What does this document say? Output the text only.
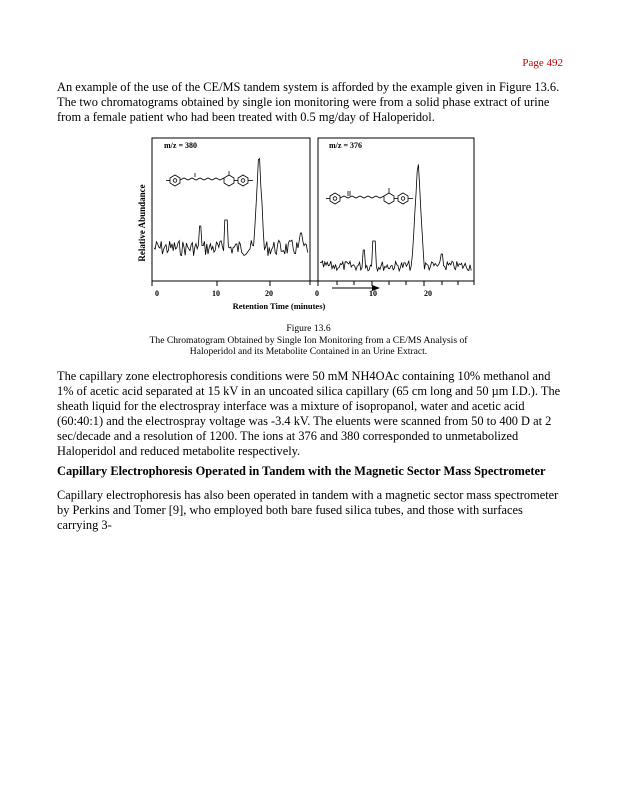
Page 492

An example of the use of the CE/MS tandem system is afforded by the example given in Figure 13.6. The two chromatograms obtained by single ion monitoring were from a solid phase extract of urine from a female patient who had been treated with 0.5 mg/day of Haloperidol.

Relative Abundance
m/z = 380	m/z = 376
0	10	20	0	10	20
Retention Time (minutes)
Figure 13.6
The Chromatogram Obtained by Single Ion Monitoring from a CE/MS Analysis of
Haloperidol and its Metabolite Contained in an Urine Extract.

The capillary zone electrophoresis conditions were 50 mM NH4OAc containing 10% methanol and 1% of acetic acid separated at 15 kV in an uncoated silica capillary (65 cm long and 50 µm I.D.). The sheath liquid for the electrospray interface was a mixture of isopropanol, water and acetic acid (60:40:1) and the electrospray voltage was -3.4 kV. The eluents were scanned from 50 to 400 D at 2 sec/decade and a resolution of 1200. The ions at 376 and 380 corresponded to unmetabolized Haloperidol and reduced metabolite respectively.

Capillary Electrophoresis Operated in Tandem with the Magnetic Sector Mass Spectrometer

Capillary electrophoresis has also been operated in tandem with a magnetic sector mass spectrometer by Perkins and Tomer [9], who employed both bare fused silica tubes, and those with surfaces carrying 3-
